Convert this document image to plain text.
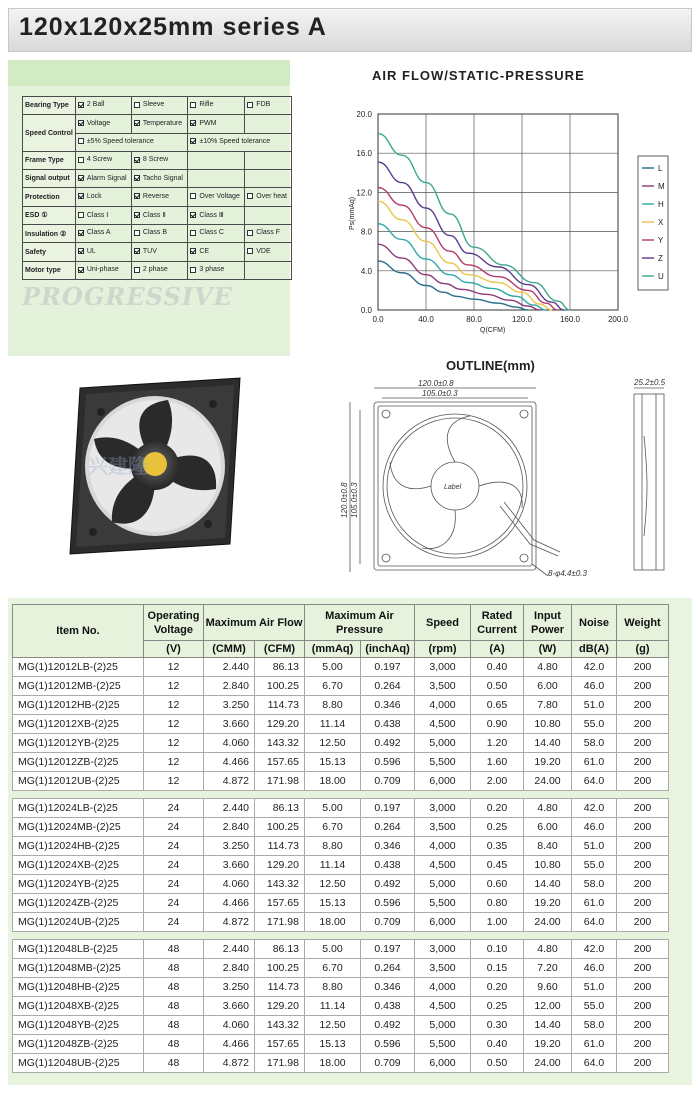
120x120x25mm series A
Bearing Type	2 Ball	Sleeve	Rifle	FDB

Speed Control	Voltage	Temperature	PWM	

	±5% Speed tolerance		±10% Speed tolerance	

Frame Type	4 Screw	8 Screw		

Signal output	Alarm Signal	Tacho Signal		

Protection	Lock	Reverse	Over Voltage	Over heat

ESD ①	Class Ⅰ	Class Ⅱ	Class Ⅲ	

Insulation ②	Class A	Class B	Class C	Class F

Safety	UL	TUV	CE	VDE

Motor type	Uni-phase	2 phase	3 phase	

PROGRESSIVE
AIR FLOW/STATIC-PRESSURE
0.0	40.0	80.0	120.0	160.0	200.0
0.0
4.0
8.0
12.0
16.0
20.0
Q(CFM)
Ps(mmAq)
L
M
H
X
Y
Z
U
兴建隆
OUTLINE(mm)
120.0±0.8
105.0±0.3
25.2±0.5
Label
8-φ4.4±0.3
120.0±0.8 105.0±0.3
Item No.	Operating Voltage	Maximum Air Flow		Maximum Air Pressure		Speed	Rated Current	Input Power	Noise	Weight
	(V)	(CMM)	(CFM)	(mmAq)	(inchAq)	(rpm)	(A)	(W)	dB(A)	(g)
MG(1)12012LB-(2)25	12	2.440	86.13	5.00	0.197	3,000	0.40	4.80	42.0	200
MG(1)12012MB-(2)25	12	2.840	100.25	6.70	0.264	3,500	0.50	6.00	46.0	200
MG(1)12012HB-(2)25	12	3.250	114.73	8.80	0.346	4,000	0.65	7.80	51.0	200
MG(1)12012XB-(2)25	12	3.660	129.20	11.14	0.438	4,500	0.90	10.80	55.0	200
MG(1)12012YB-(2)25	12	4.060	143.32	12.50	0.492	5,000	1.20	14.40	58.0	200
MG(1)12012ZB-(2)25	12	4.466	157.65	15.13	0.596	5,500	1.60	19.20	61.0	200
MG(1)12012UB-(2)25	12	4.872	171.98	18.00	0.709	6,000	2.00	24.00	64.0	200

MG(1)12024LB-(2)25	24	2.440	86.13	5.00	0.197	3,000	0.20	4.80	42.0	200
MG(1)12024MB-(2)25	24	2.840	100.25	6.70	0.264	3,500	0.25	6.00	46.0	200
MG(1)12024HB-(2)25	24	3.250	114.73	8.80	0.346	4,000	0.35	8.40	51.0	200
MG(1)12024XB-(2)25	24	3.660	129.20	11.14	0.438	4,500	0.45	10.80	55.0	200
MG(1)12024YB-(2)25	24	4.060	143.32	12.50	0.492	5,000	0.60	14.40	58.0	200
MG(1)12024ZB-(2)25	24	4.466	157.65	15.13	0.596	5,500	0.80	19.20	61.0	200
MG(1)12024UB-(2)25	24	4.872	171.98	18.00	0.709	6,000	1.00	24.00	64.0	200

MG(1)12048LB-(2)25	48	2.440	86.13	5.00	0.197	3,000	0.10	4.80	42.0	200
MG(1)12048MB-(2)25	48	2.840	100.25	6.70	0.264	3,500	0.15	7.20	46.0	200
MG(1)12048HB-(2)25	48	3.250	114.73	8.80	0.346	4,000	0.20	9.60	51.0	200
MG(1)12048XB-(2)25	48	3.660	129.20	11.14	0.438	4,500	0.25	12.00	55.0	200
MG(1)12048YB-(2)25	48	4.060	143.32	12.50	0.492	5,000	0.30	14.40	58.0	200
MG(1)12048ZB-(2)25	48	4.466	157.65	15.13	0.596	5,500	0.40	19.20	61.0	200
MG(1)12048UB-(2)25	48	4.872	171.98	18.00	0.709	6,000	0.50	24.00	64.0	200
